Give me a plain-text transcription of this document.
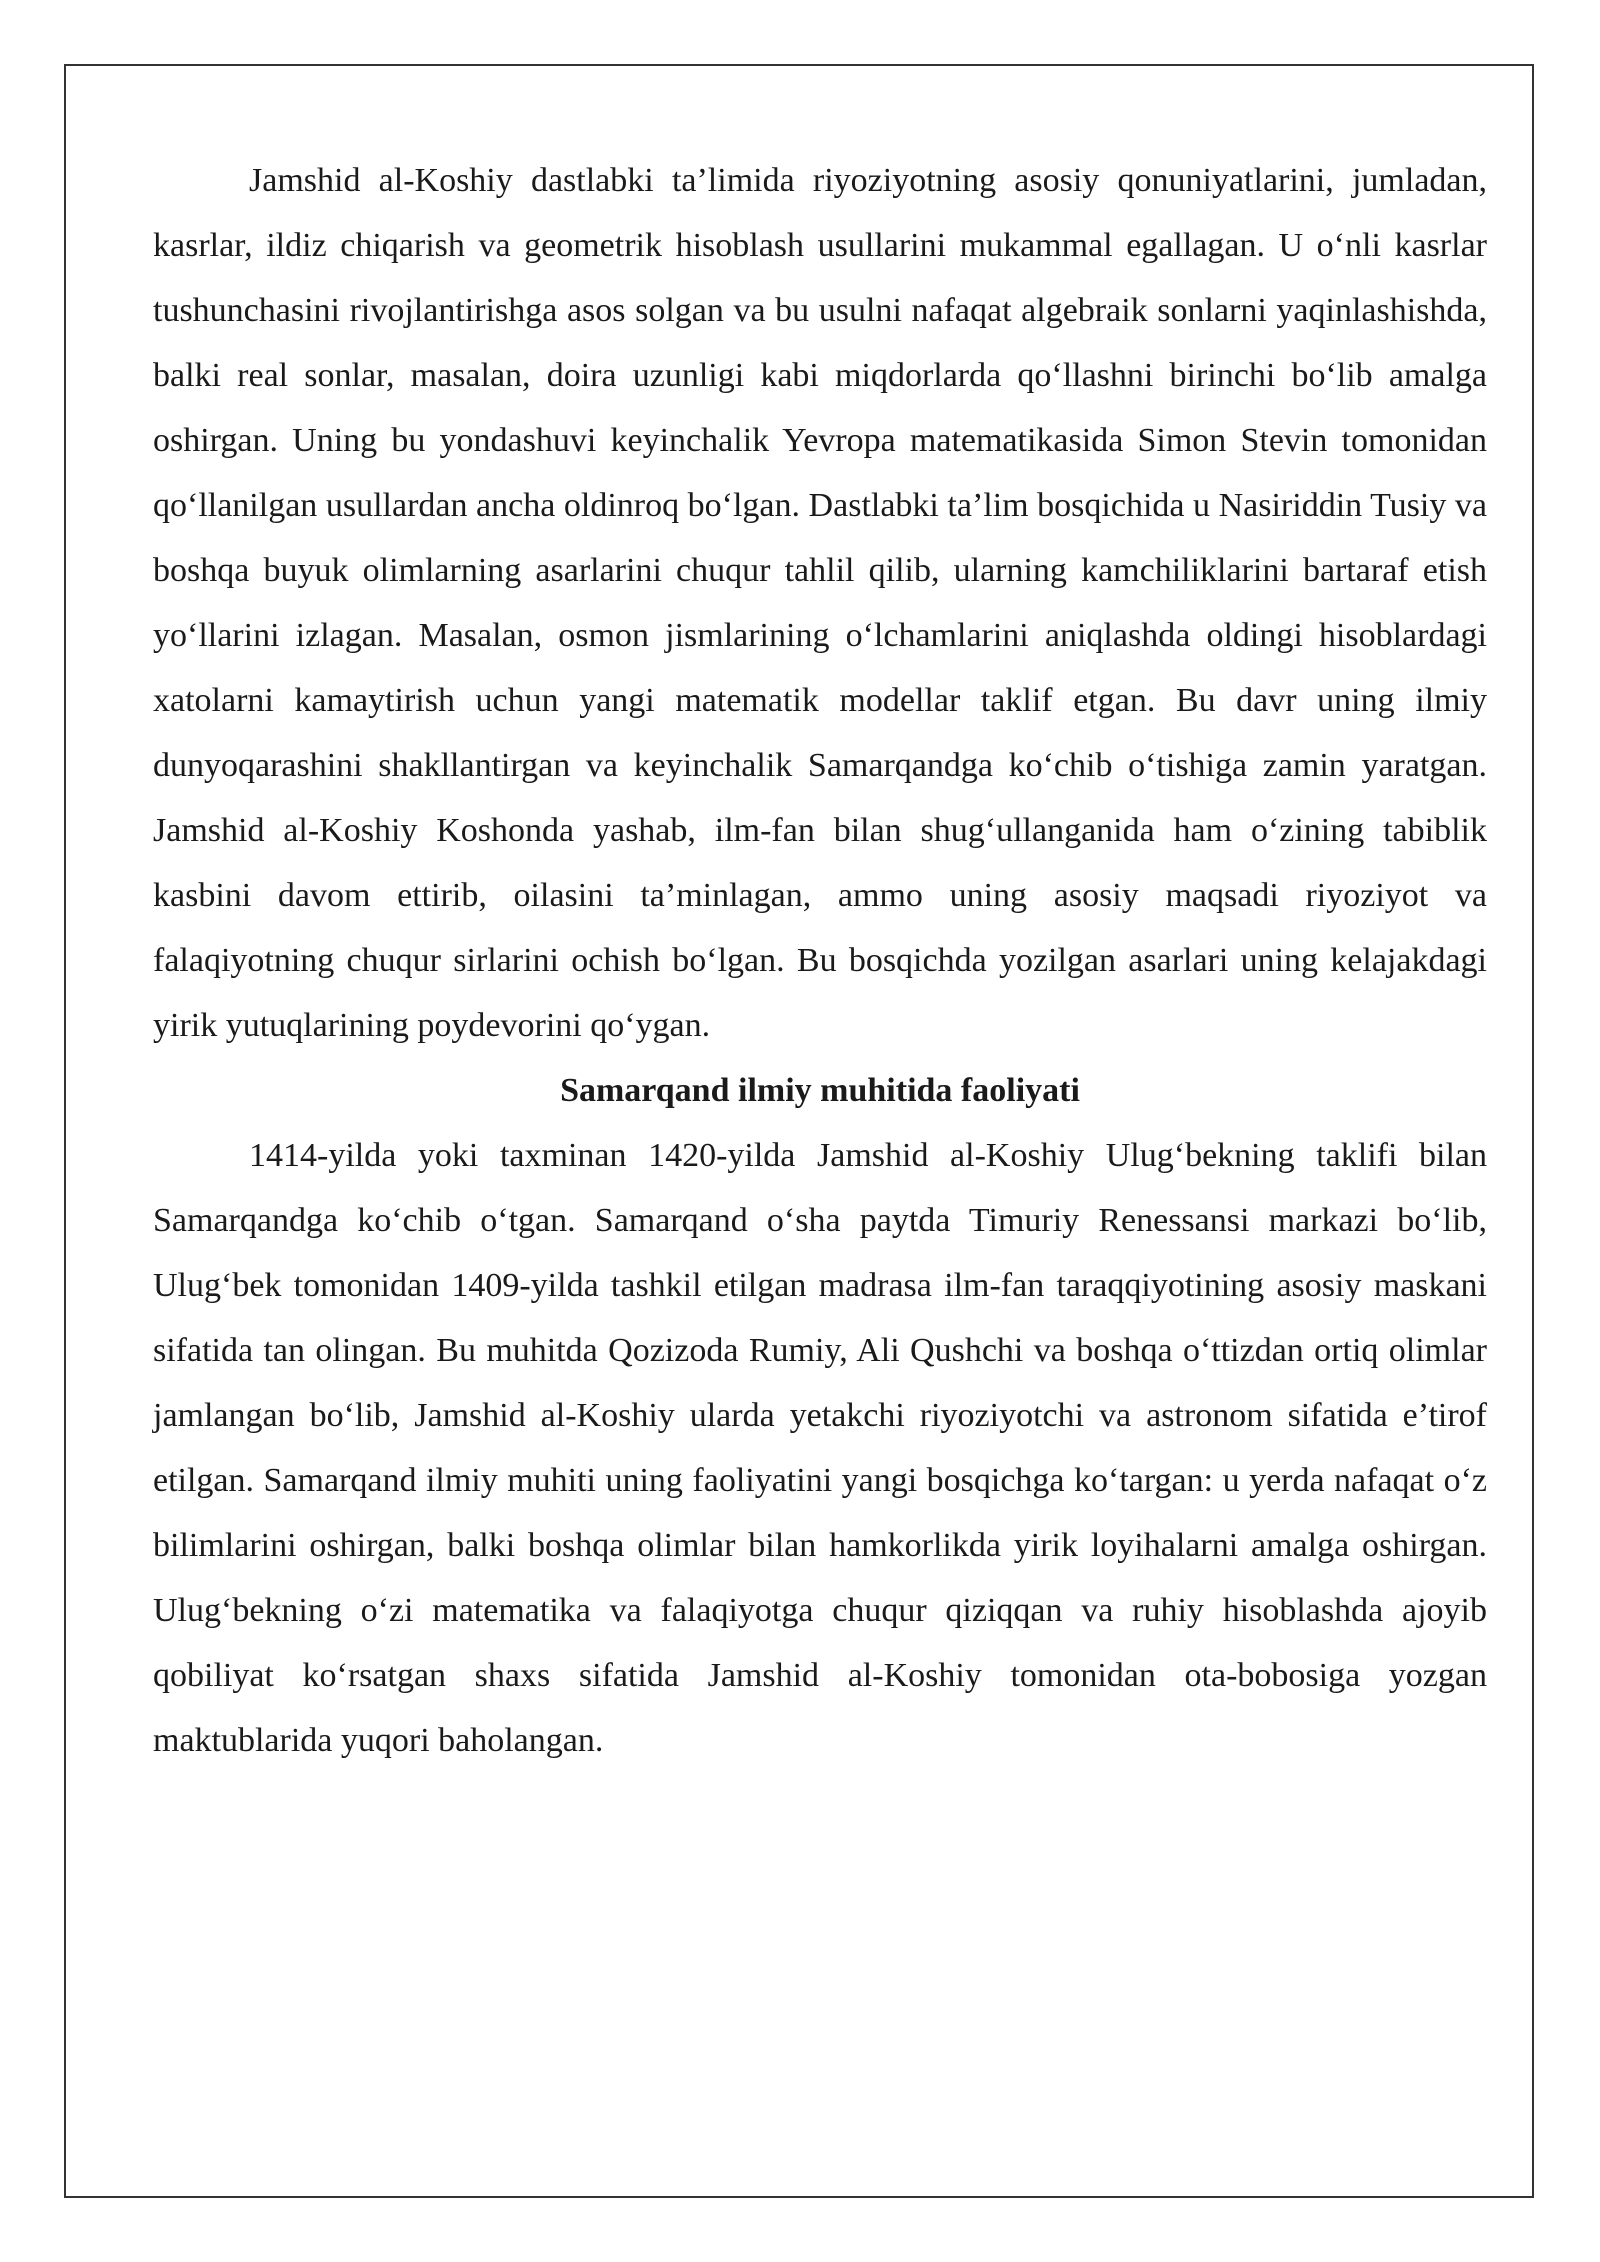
Jamshid al-Koshiy dastlabki ta’limida riyoziyotning asosiy qonuniyatlarini, jumladan, kasrlar, ildiz chiqarish va geometrik hisoblash usullarini mukammal egallagan. U o‘nli kasrlar tushunchasini rivojlantirishga asos solgan va bu usulni nafaqat algebraik sonlarni yaqinlashishda, balki real sonlar, masalan, doira uzunligi kabi miqdorlarda qo‘llashni birinchi bo‘lib amalga oshirgan. Uning bu yondashuvi keyinchalik Yevropa matematikasida Simon Stevin tomonidan qo‘llanilgan usullardan ancha oldinroq bo‘lgan. Dastlabki ta’lim bosqichida u Nasiriddin Tusiy va boshqa buyuk olimlarning asarlarini chuqur tahlil qilib, ularning kamchiliklarini bartaraf etish yo‘llarini izlagan. Masalan, osmon jismlarining o‘lchamlarini aniqlashda oldingi hisoblardagi xatolarni kamaytirish uchun yangi matematik modellar taklif etgan. Bu davr uning ilmiy dunyoqarashini shakllantirgan va keyinchalik Samarqandga ko‘chib o‘tishiga zamin yaratgan. Jamshid al-Koshiy Koshonda yashab, ilm-fan bilan shug‘ullanganida ham o‘zining tabiblik kasbini davom ettirib, oilasini ta’minlagan, ammo uning asosiy maqsadi riyoziyot va falaqiyotning chuqur sirlarini ochish bo‘lgan. Bu bosqichda yozilgan asarlari uning kelajakdagi yirik yutuqlarining poydevorini qo‘ygan.

Samarqand ilmiy muhitida faoliyati

1414-yilda yoki taxminan 1420-yilda Jamshid al-Koshiy Ulug‘bekning taklifi bilan Samarqandga ko‘chib o‘tgan. Samarqand o‘sha paytda Timuriy Renessansi markazi bo‘lib, Ulug‘bek tomonidan 1409-yilda tashkil etilgan madrasa ilm-fan taraqqiyotining asosiy maskani sifatida tan olingan. Bu muhitda Qozizoda Rumiy, Ali Qushchi va boshqa o‘ttizdan ortiq olimlar jamlangan bo‘lib, Jamshid al-Koshiy ularda yetakchi riyoziyotchi va astronom sifatida e’tirof etilgan. Samarqand ilmiy muhiti uning faoliyatini yangi bosqichga ko‘targan: u yerda nafaqat o‘z bilimlarini oshirgan, balki boshqa olimlar bilan hamkorlikda yirik loyihalarni amalga oshirgan. Ulug‘bekning o‘zi matematika va falaqiyotga chuqur qiziqqan va ruhiy hisoblashda ajoyib qobiliyat ko‘rsatgan shaxs sifatida Jamshid al-Koshiy tomonidan ota-bobosiga yozgan maktublarida yuqori baholangan.
